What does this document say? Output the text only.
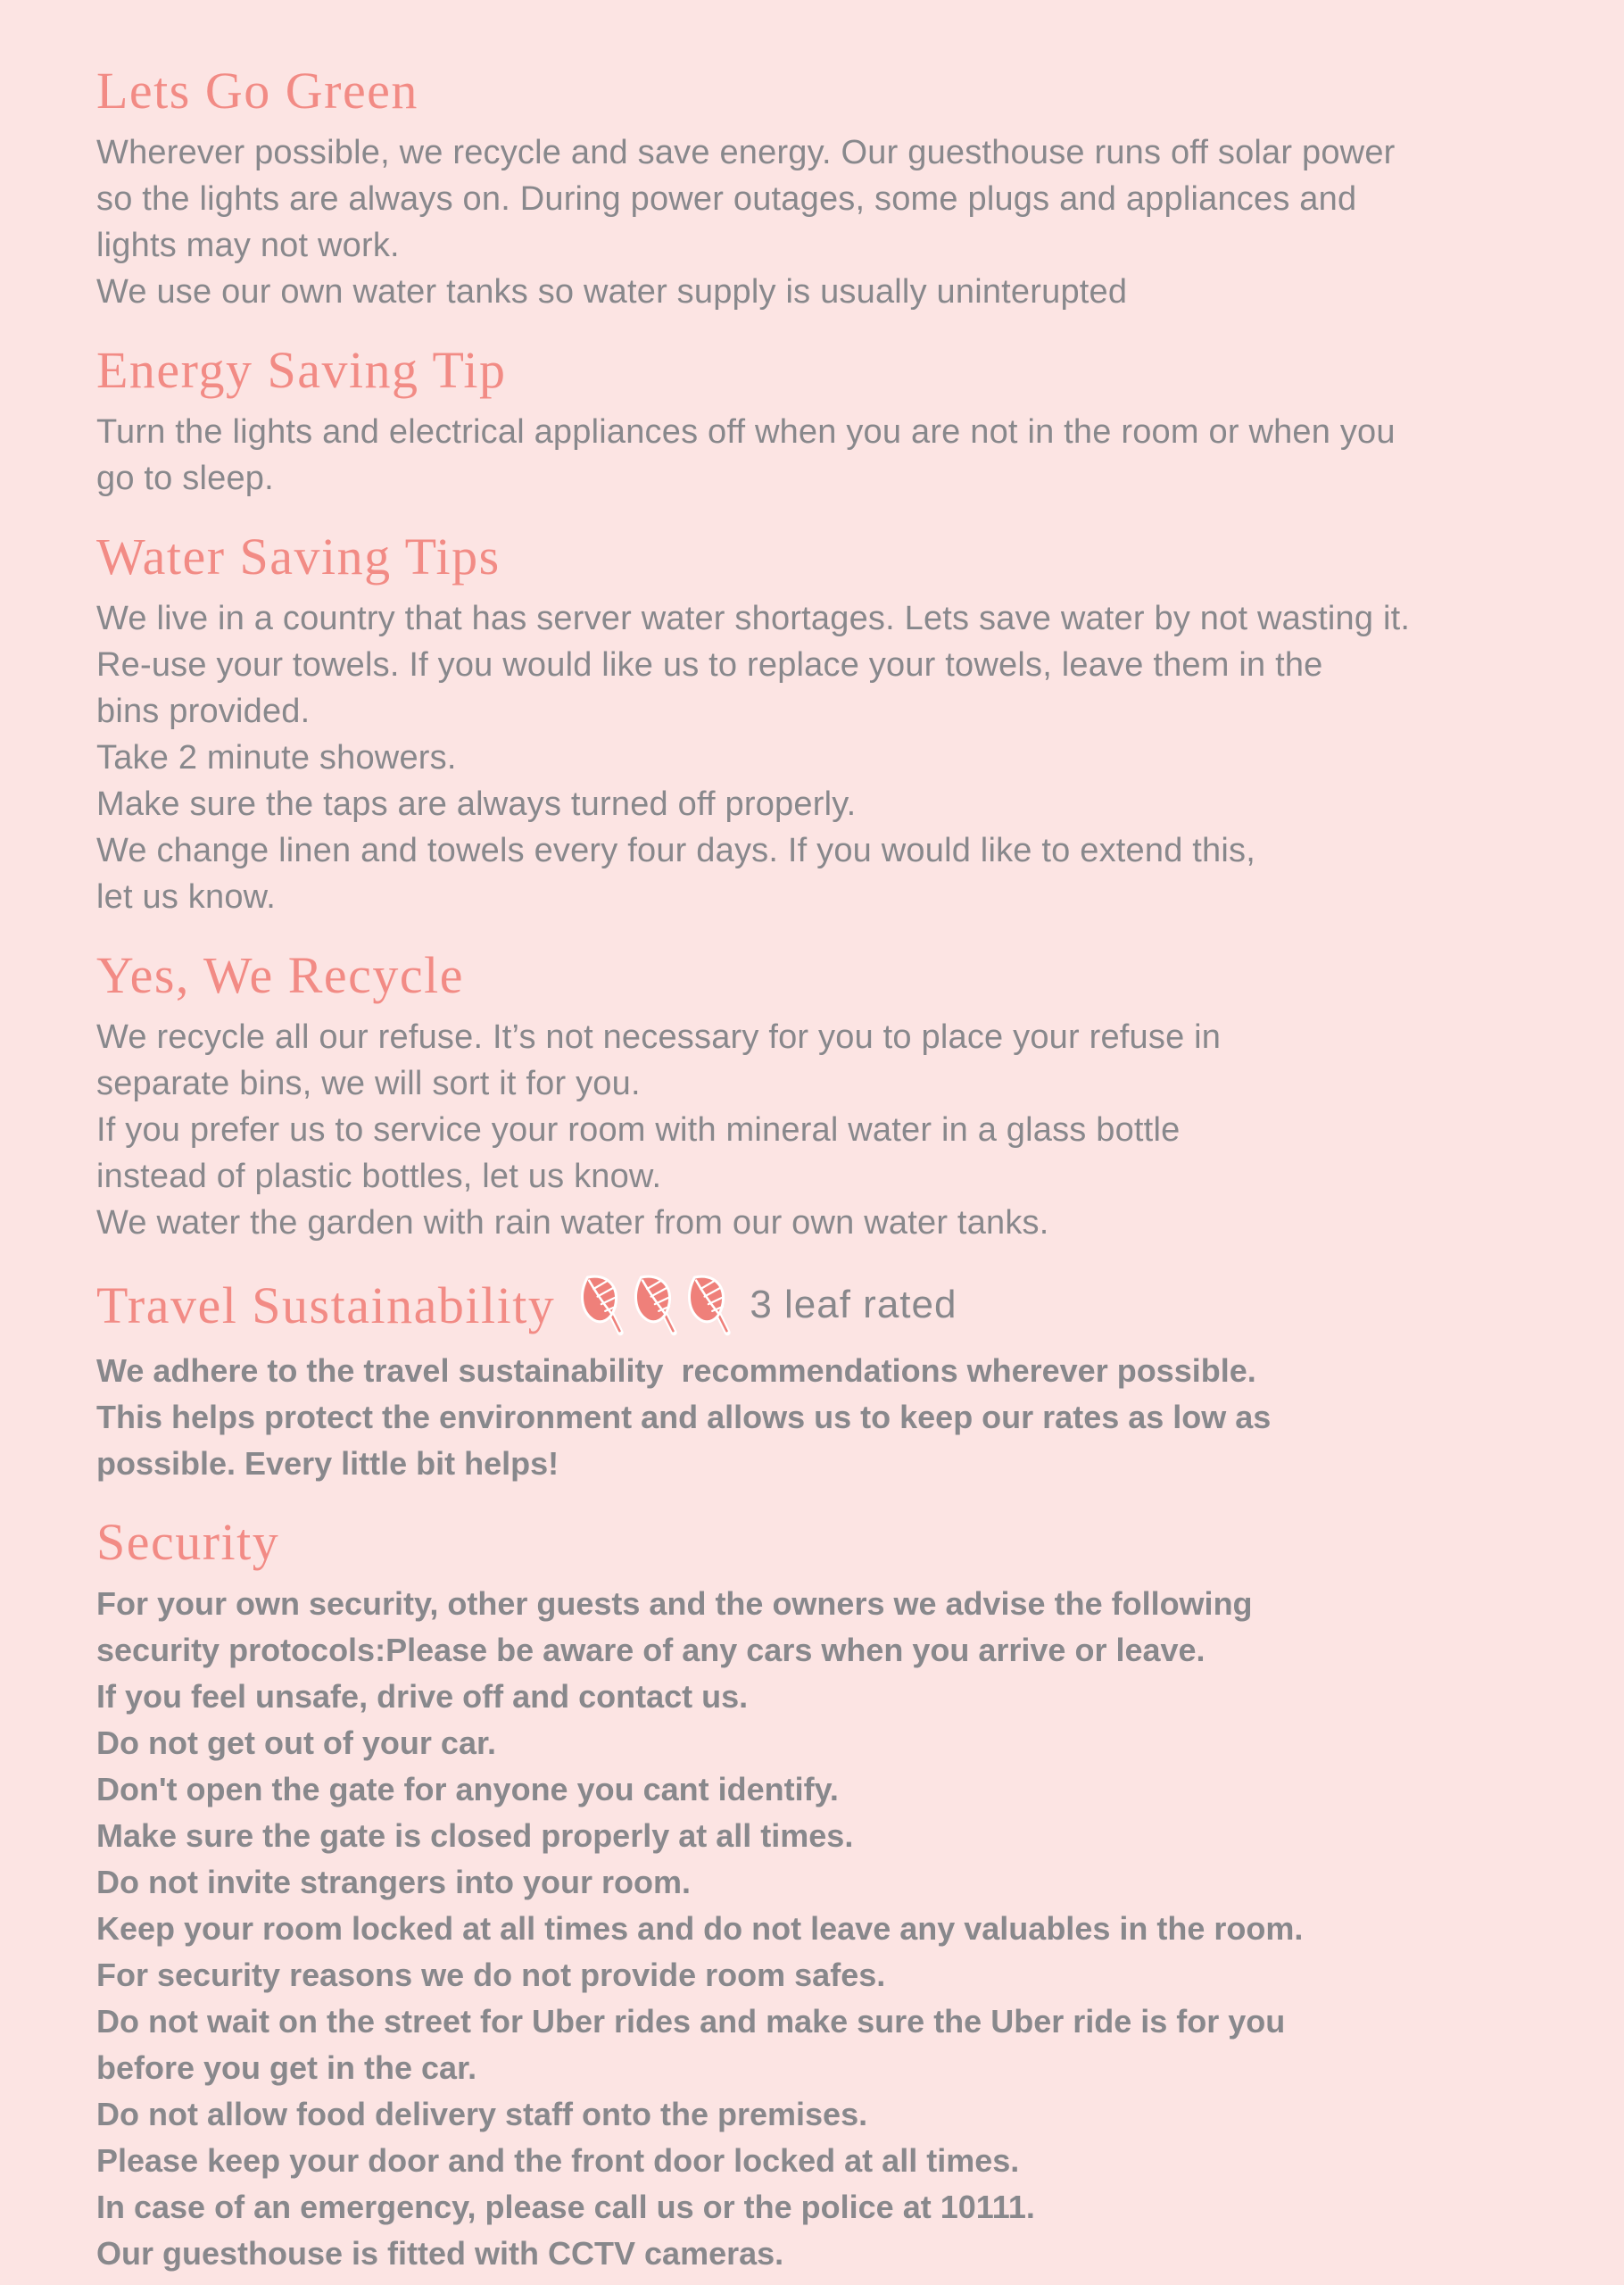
Lets Go Green
Wherever possible, we recycle and save energy. Our guesthouse runs off solar power
so the lights are always on. During power outages, some plugs and appliances and
lights may not work.
We use our own water tanks so water supply is usually uninterupted
Energy Saving Tip
Turn the lights and electrical appliances off when you are not in the room or when you
go to sleep.
Water Saving Tips
We live in a country that has server water shortages. Lets save water by not wasting it.
Re-use your towels. If you would like us to replace your towels, leave them in the
bins provided.
Take 2 minute showers.
Make sure the taps are always turned off properly.
We change linen and towels every four days. If you would like to extend this,
let us know.
Yes, We Recycle
We recycle all our refuse. It’s not necessary for you to place your refuse in
separate bins, we will sort it for you.
If you prefer us to service your room with mineral water in a glass bottle
instead of plastic bottles, let us know.
We water the garden with rain water from our own water tanks.
Travel Sustainability	3 leaf rated
We adhere to the travel sustainability  recommendations wherever possible.
This helps protect the environment and allows us to keep our rates as low as
possible. Every little bit helps!
Security
For your own security, other guests and the owners we advise the following
security protocols:Please be aware of any cars when you arrive or leave.
If you feel unsafe, drive off and contact us.
Do not get out of your car.
Don't open the gate for anyone you cant identify.
Make sure the gate is closed properly at all times.
Do not invite strangers into your room.
Keep your room locked at all times and do not leave any valuables in the room.
For security reasons we do not provide room safes.
Do not wait on the street for Uber rides and make sure the Uber ride is for you
before you get in the car.
Do not allow food delivery staff onto the premises.
Please keep your door and the front door locked at all times.
In case of an emergency, please call us or the police at 10111.
Our guesthouse is fitted with CCTV cameras.
